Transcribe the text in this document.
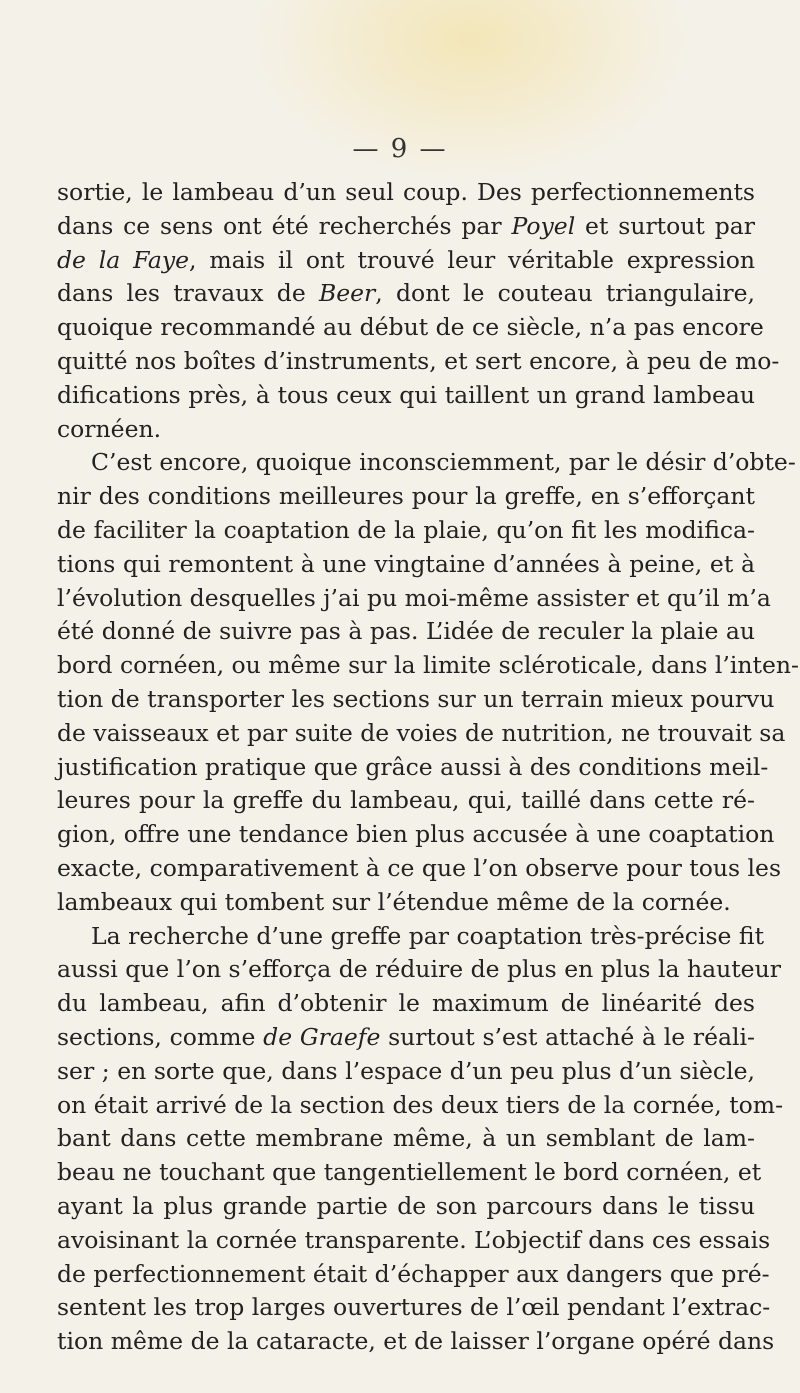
— 9 —
sortie, le lambeau d’un seul coup. Des perfectionnements
dans ce sens ont été recherchés par Poyel et surtout par
de la Faye, mais il ont trouvé leur véritable expression
dans les travaux de Beer, dont le couteau triangulaire,
quoique recommandé au début de ce siècle, n’a pas encore
quitté nos boîtes d’instruments, et sert encore, à peu de mo-
difications près, à tous ceux qui taillent un grand lambeau
cornéen.
C’est encore, quoique inconsciemment, par le désir d’obte-
nir des conditions meilleures pour la greffe, en s’efforçant
de faciliter la coaptation de la plaie, qu’on fit les modifica-
tions qui remontent à une vingtaine d’années à peine, et à
l’évolution desquelles j’ai pu moi-même assister et qu’il m’a
été donné de suivre pas à pas. L’idée de reculer la plaie au
bord cornéen, ou même sur la limite scléroticale, dans l’inten-
tion de transporter les sections sur un terrain mieux pourvu
de vaisseaux et par suite de voies de nutrition, ne trouvait sa
justification pratique que grâce aussi à des conditions meil-
leures pour la greffe du lambeau, qui, taillé dans cette ré-
gion, offre une tendance bien plus accusée à une coaptation
exacte, comparativement à ce que l’on observe pour tous les
lambeaux qui tombent sur l’étendue même de la cornée.
La recherche d’une greffe par coaptation très-précise fit
aussi que l’on s’efforça de réduire de plus en plus la hauteur
du lambeau, afin d’obtenir le maximum de linéarité des
sections, comme de Graefe surtout s’est attaché à le réali-
ser ; en sorte que, dans l’espace d’un peu plus d’un siècle,
on était arrivé de la section des deux tiers de la cornée, tom-
bant dans cette membrane même, à un semblant de lam-
beau ne touchant que tangentiellement le bord cornéen, et
ayant la plus grande partie de son parcours dans le tissu
avoisinant la cornée transparente. L’objectif dans ces essais
de perfectionnement était d’échapper aux dangers que pré-
sentent les trop larges ouvertures de l’œil pendant l’extrac-
tion même de la cataracte, et de laisser l’organe opéré dans
